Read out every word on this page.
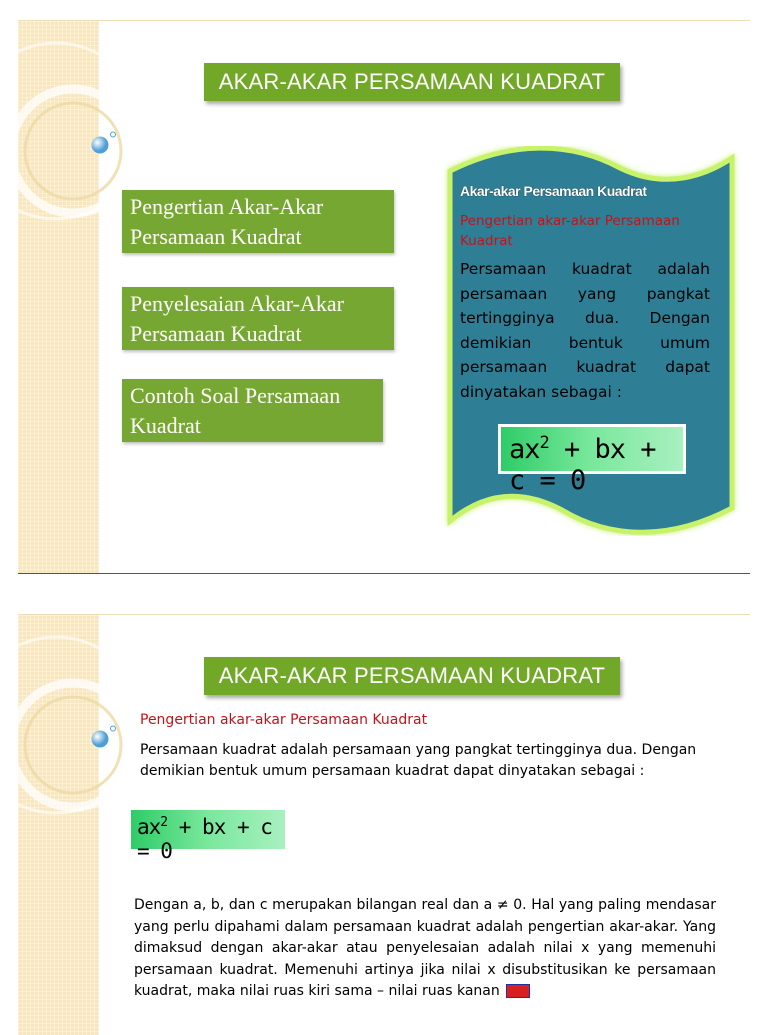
AKAR-AKAR PERSAMAAN KUADRAT
Pengertian Akar-Akar Persamaan Kuadrat
Penyelesaian Akar-Akar Persamaan Kuadrat
Contoh Soal Persamaan Kuadrat
Akar-akar Persamaan Kuadrat
Pengertian akar-akar Persamaan Kuadrat
Persamaan kuadrat adalah persamaan yang pangkat tertingginya dua. Dengan demikian bentuk umum persamaan kuadrat dapat dinyatakan sebagai :
$ax^2$ + bx + c = 0
AKAR-AKAR PERSAMAAN KUADRAT
Pengertian akar-akar Persamaan Kuadrat
Persamaan kuadrat adalah persamaan yang pangkat tertingginya dua. Dengan demikian bentuk umum persamaan kuadrat dapat dinyatakan sebagai :
$ax^2$ + bx + c = 0
Dengan a, b, dan c merupakan bilangan real dan a ≠ 0. Hal yang paling mendasar yang perlu dipahami dalam persamaan kuadrat adalah pengertian akar-akar. Yang dimaksud dengan akar-akar atau penyelesaian adalah nilai x yang memenuhi persamaan kuadrat. Memenuhi artinya jika nilai x disubstitusikan ke persamaan kuadrat, maka nilai ruas kiri sama – nilai ruas kanan
